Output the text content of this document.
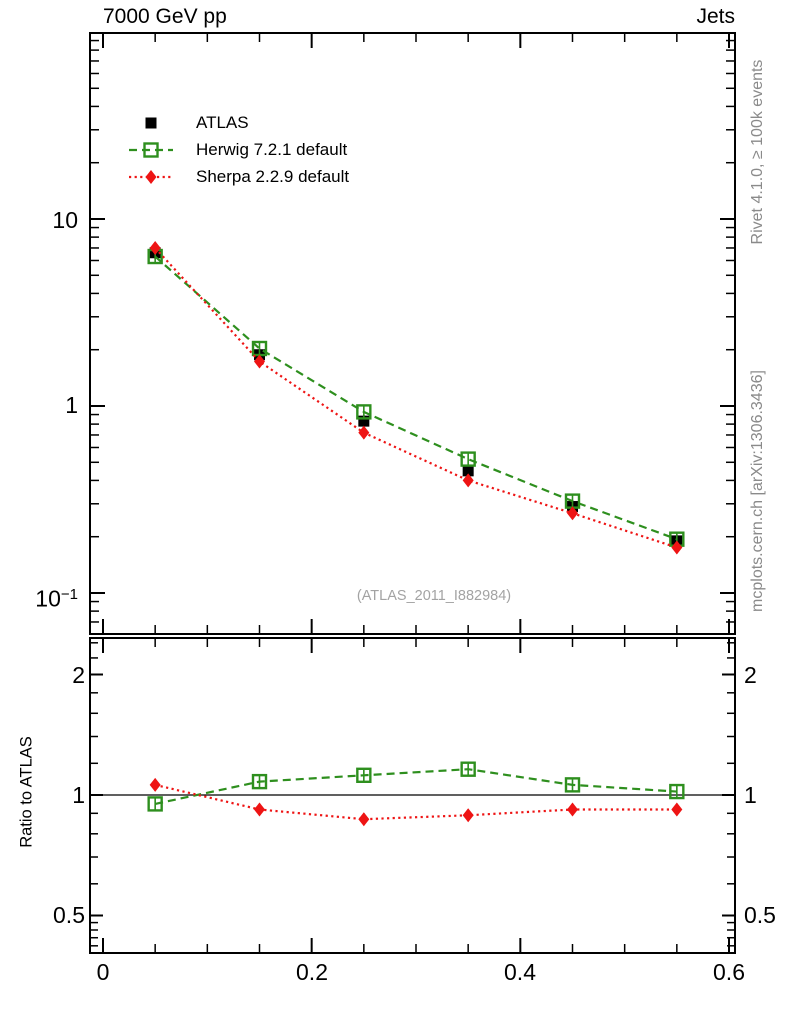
7000 GeV pp	Jets
10
1
$10^{-1}$
2
1
0.5
2
1
0.5
0	0.2	0.4	0.6
(ATLAS_2011_I882984)
Rivet 4.1.0, ≥ 100k events
mcplots.cern.ch [arXiv:1306.3436]
Ratio to ATLAS
ATLAS
Herwig 7.2.1 default
Sherpa 2.2.9 default
